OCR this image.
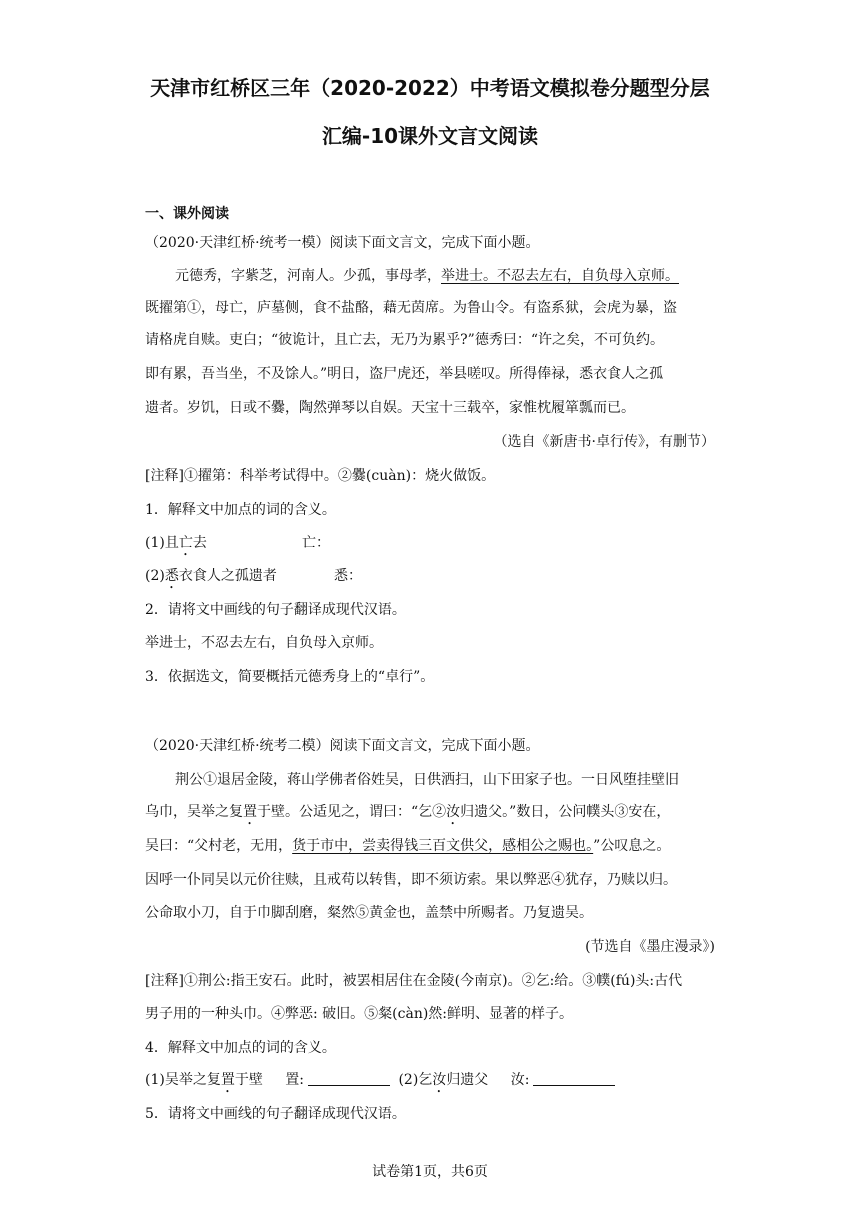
天津市红桥区三年（2020-2022）中考语文模拟卷分题型分层
汇编-10课外文言文阅读
一、课外阅读
（2020·天津红桥·统考一模）阅读下面文言文，完成下面小题。
元德秀，字紫芝，河南人。少孤，事母孝，举进士。不忍去左右，自负母入京师。
既擢第①，母亡，庐墓侧，食不盐酪，藉无茵席。为鲁山令。有盗系狱，会虎为暴，盗
请格虎自赎。吏白；“彼诡计，且亡去，无乃为累乎?”德秀曰：“许之矣，不可负约。
即有累，吾当坐，不及馀人。”明日，盗尸虎还，举县嗟叹。所得俸禄，悉衣食人之孤
遗者。岁饥，日或不爨，陶然弹琴以自娱。天宝十三载卒，家惟枕履箪瓢而已。
（选自《新唐书·卓行传》，有删节）
[注释]①擢第：科举考试得中。②爨(cuàn)：烧火做饭。
1．解释文中加点的词的含义。
(1)且亡去	亡：
(2)悉衣食人之孤遗者	悉：
2．请将文中画线的句子翻译成现代汉语。
举进士，不忍去左右，自负母入京师。
3．依据选文，简要概括元德秀身上的“卓行”。
（2020·天津红桥·统考二模）阅读下面文言文，完成下面小题。
荆公①退居金陵，蒋山学佛者俗姓吴，日供洒扫，山下田家子也。一日风堕挂壁旧
乌巾，吴举之复置于壁。公适见之，谓曰：“乞②汝归遗父。”数日，公问幞头③安在，
吴曰：“父村老，无用，货于市中，尝卖得钱三百文供父，感相公之赐也。”公叹息之。
因呼一仆同吴以元价往赎，且戒苟以转售，即不须访索。果以弊恶④犹存，乃赎以归。
公命取小刀，自于巾脚刮磨，粲然⑤黄金也，盖禁中所赐者。乃复遗吴。
(节选自《墨庄漫录》)
[注释]①荆公:指王安石。此时，被罢相居住在金陵(今南京)。②乞:给。③幞(fú)头:古代
男子用的一种头巾。④弊恶: 破旧。⑤粲(càn)然:鲜明、显著的样子。
4．解释文中加点的词的含义。
(1)吴举之复置于壁 置:	(2)乞汝归遗父 汝:
5．请将文中画线的句子翻译成现代汉语。
试卷第1页，共6页
